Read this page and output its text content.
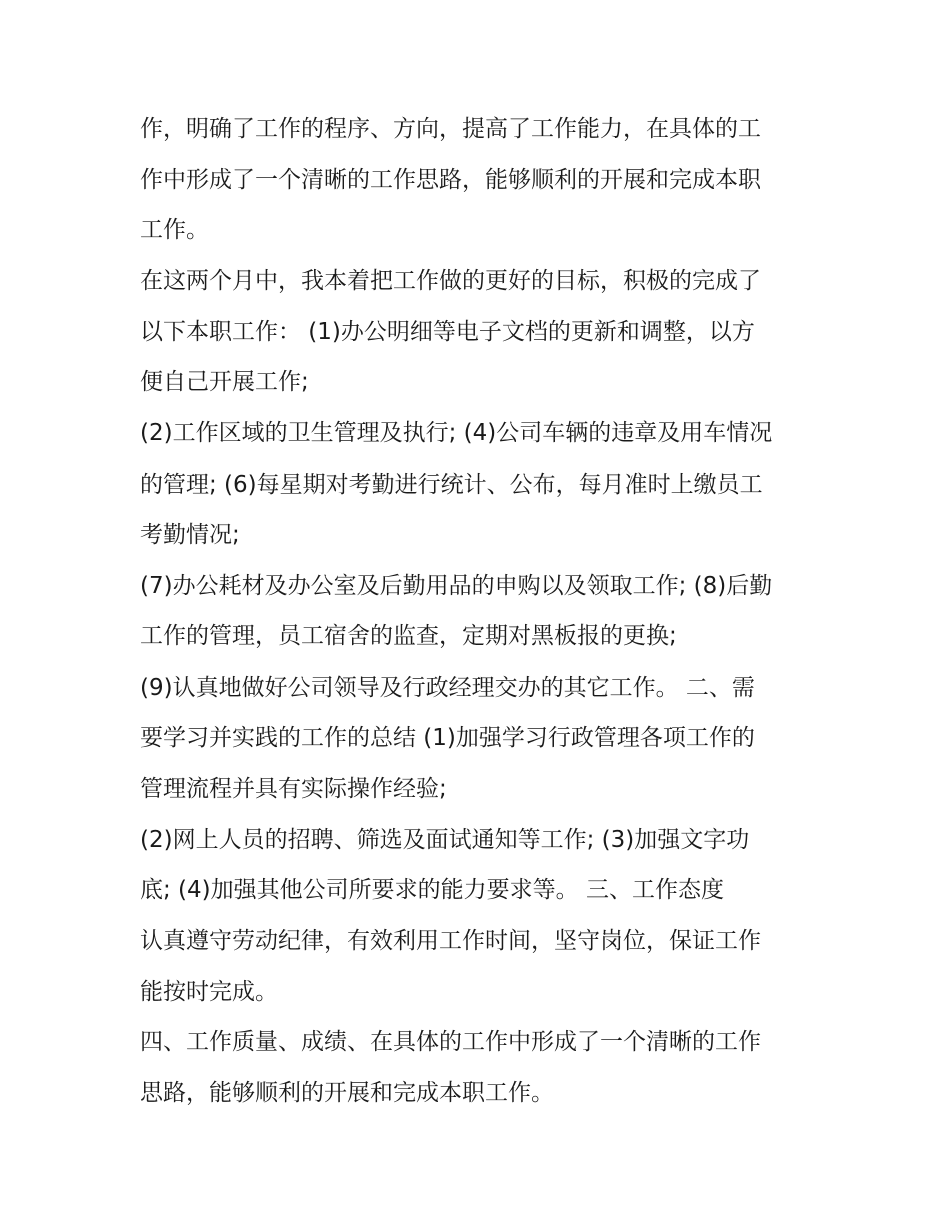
作，明确了工作的程序、方向，提高了工作能力，在具体的工
作中形成了一个清晰的工作思路，能够顺利的开展和完成本职
工作。
在这两个月中，我本着把工作做的更好的目标，积极的完成了
以下本职工作： (1)办公明细等电子文档的更新和调整，以方
便自己开展工作;
(2)工作区域的卫生管理及执行; (4)公司车辆的违章及用车情况
的管理; (6)每星期对考勤进行统计、公布，每月准时上缴员工
考勤情况;
(7)办公耗材及办公室及后勤用品的申购以及领取工作; (8)后勤
工作的管理，员工宿舍的监查，定期对黑板报的更换;
(9)认真地做好公司领导及行政经理交办的其它工作。 二、需
要学习并实践的工作的总结 (1)加强学习行政管理各项工作的
管理流程并具有实际操作经验;
(2)网上人员的招聘、筛选及面试通知等工作; (3)加强文字功
底; (4)加强其他公司所要求的能力要求等。 三、工作态度
认真遵守劳动纪律，有效利用工作时间，坚守岗位，保证工作
能按时完成。
四、工作质量、成绩、在具体的工作中形成了一个清晰的工作
思路，能够顺利的开展和完成本职工作。
